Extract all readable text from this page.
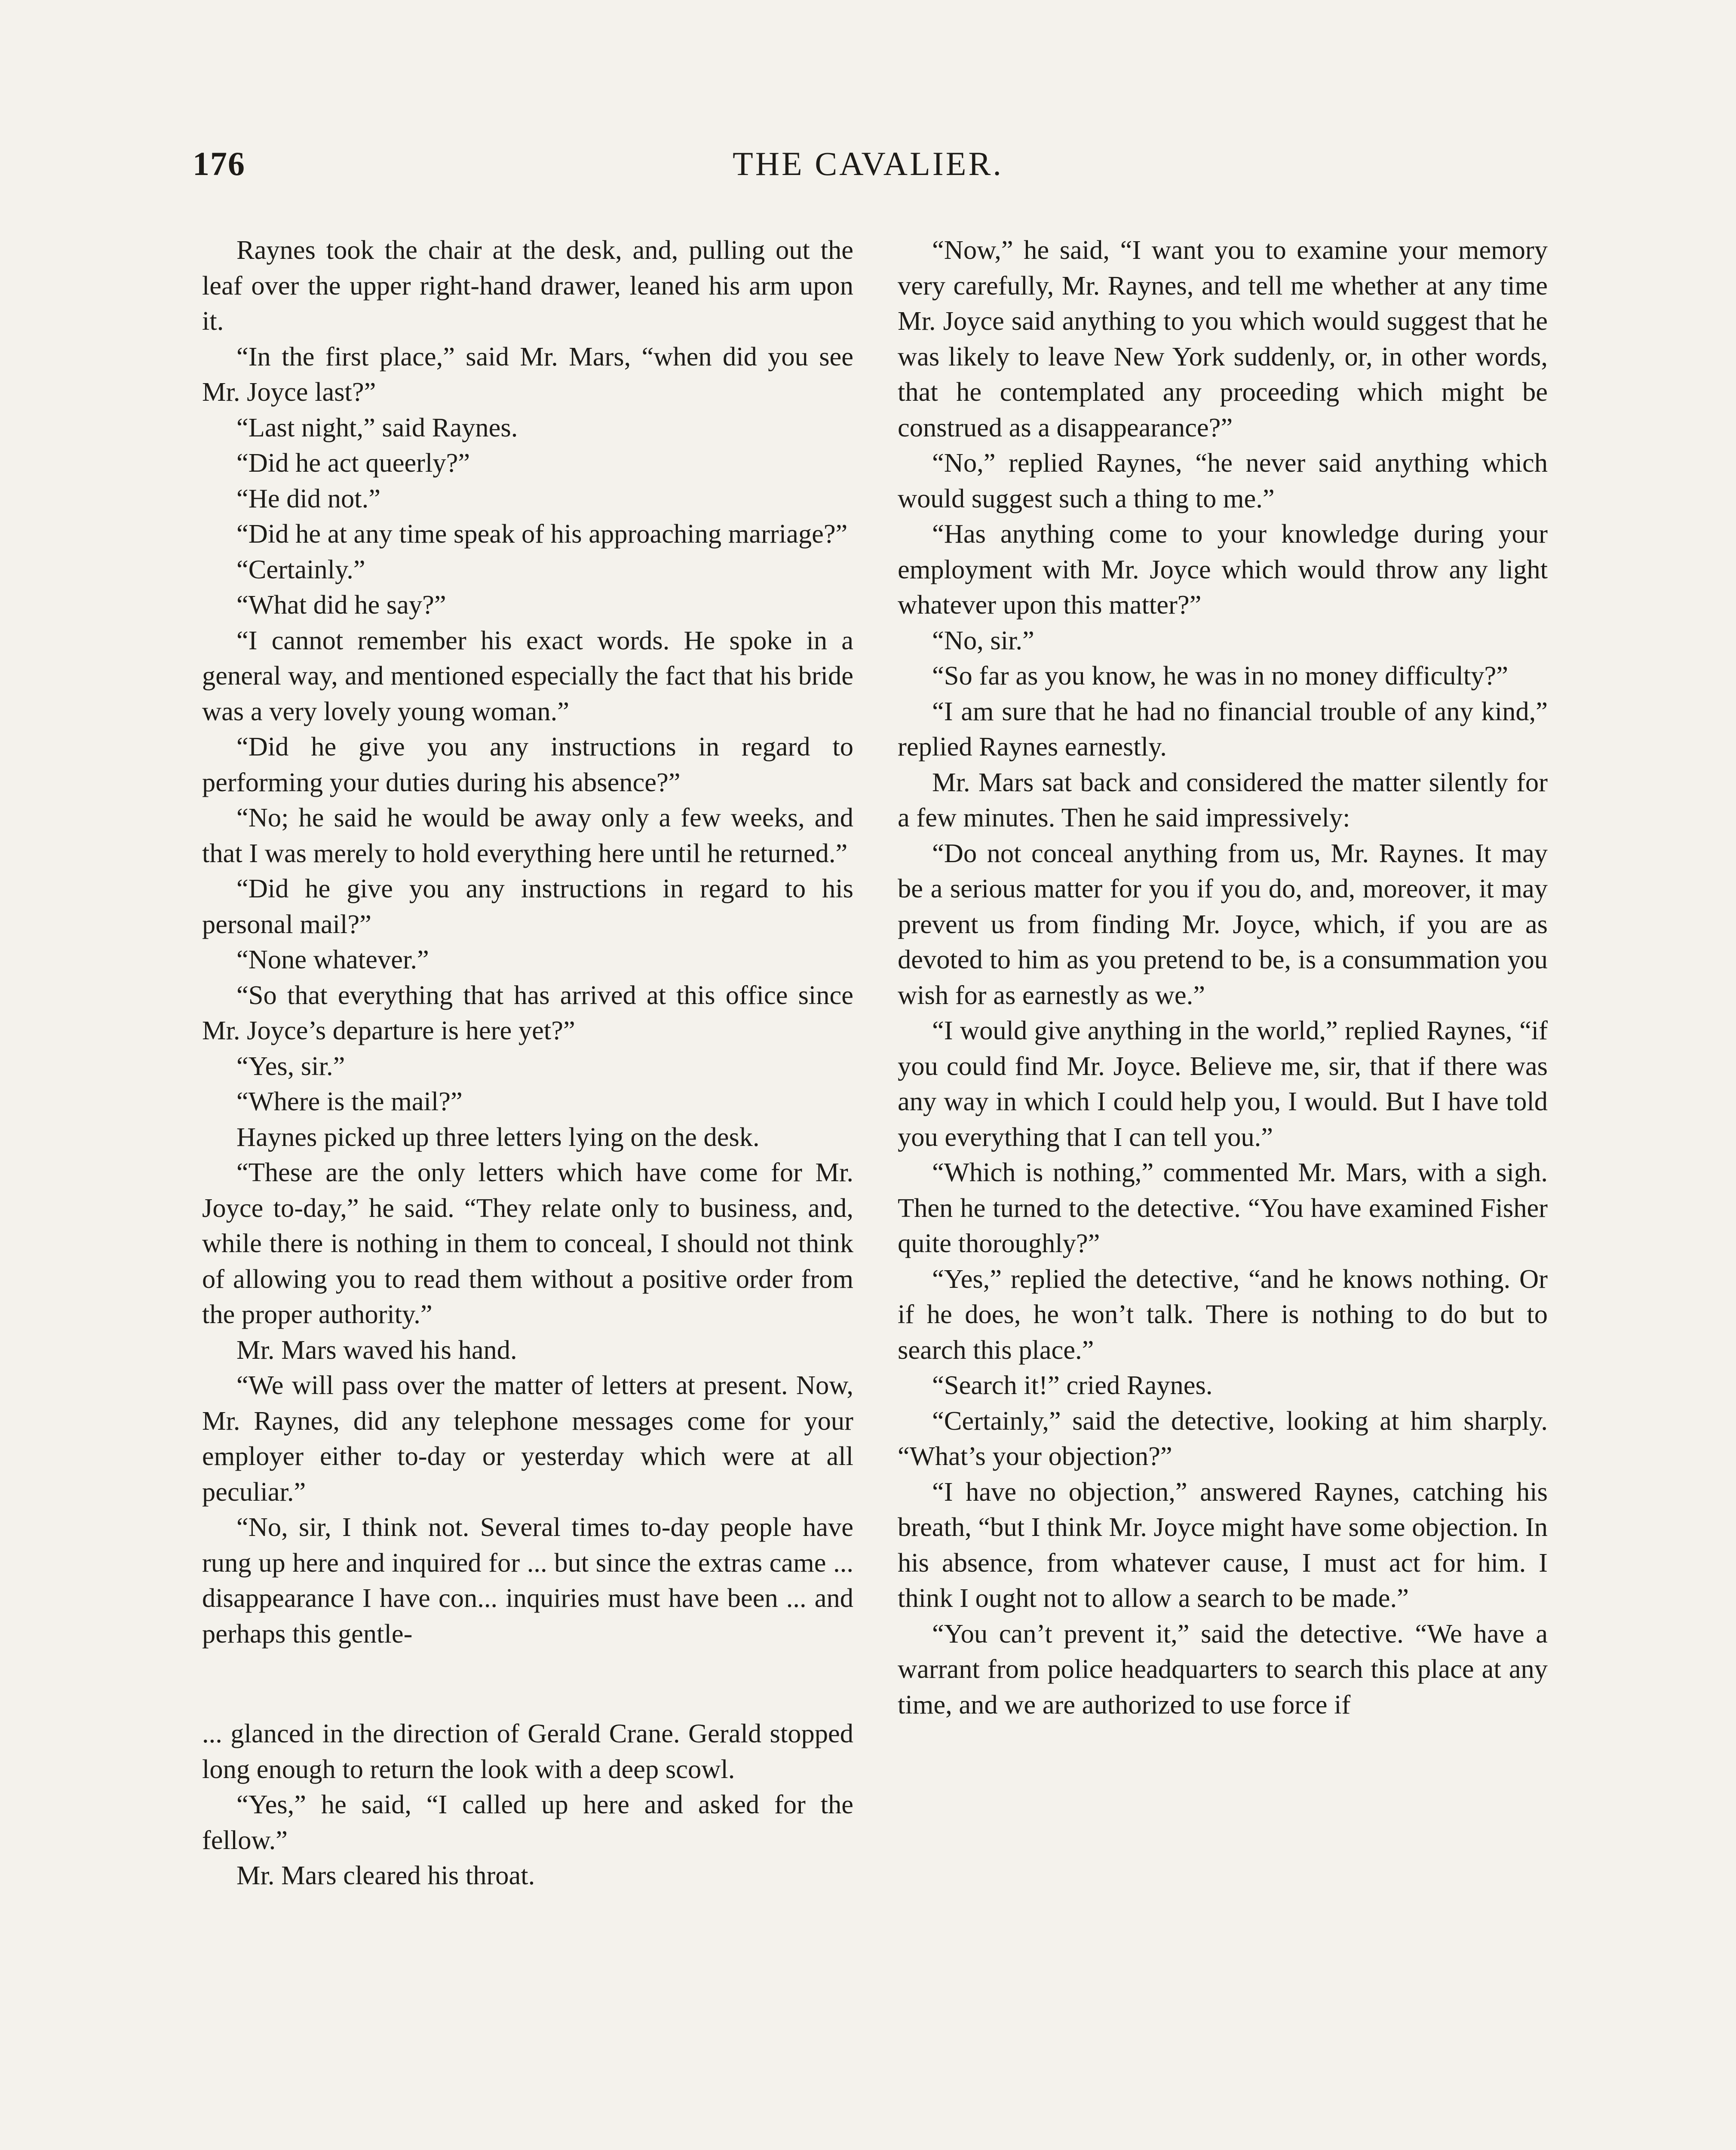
176	THE CAVALIER.

Raynes took the chair at the desk, and, pulling out the leaf over the upper right-hand drawer, leaned his arm upon it.

“In the first place,” said Mr. Mars, “when did you see Mr. Joyce last?”

“Last night,” said Raynes.

“Did he act queerly?”

“He did not.”

“Did he at any time speak of his approaching marriage?”

“Certainly.”

“What did he say?”

“I cannot remember his exact words. He spoke in a general way, and mentioned especially the fact that his bride was a very lovely young woman.”

“Did he give you any instructions in regard to performing your duties during his absence?”

“No; he said he would be away only a few weeks, and that I was merely to hold everything here until he returned.”

“Did he give you any instructions in regard to his personal mail?”

“None whatever.”

“So that everything that has arrived at this office since Mr. Joyce’s departure is here yet?”

“Yes, sir.”

“Where is the mail?”

Haynes picked up three letters lying on the desk.

“These are the only letters which have come for Mr. Joyce to-day,” he said. “They relate only to business, and, while there is nothing in them to conceal, I should not think of allowing you to read them without a positive order from the proper authority.”

Mr. Mars waved his hand.

“We will pass over the matter of letters at present. Now, Mr. Raynes, did any telephone messages come for your employer either to-day or yesterday which were at all peculiar.”

“No, sir, I think not. Several times to-day people have rung up here and inquired for ... but since the extras came ... disappearance I have con... inquiries must have been ... and perhaps this gentle-

... glanced in the direction of Gerald Crane. Gerald stopped long enough to return the look with a deep scowl.

“Yes,” he said, “I called up here and asked for the fellow.”

Mr. Mars cleared his throat.

“Now,” he said, “I want you to examine your memory very carefully, Mr. Raynes, and tell me whether at any time Mr. Joyce said anything to you which would suggest that he was likely to leave New York suddenly, or, in other words, that he contemplated any proceeding which might be construed as a disappearance?”

“No,” replied Raynes, “he never said anything which would suggest such a thing to me.”

“Has anything come to your knowledge during your employment with Mr. Joyce which would throw any light whatever upon this matter?”

“No, sir.”

“So far as you know, he was in no money difficulty?”

“I am sure that he had no financial trouble of any kind,” replied Raynes earnestly.

Mr. Mars sat back and considered the matter silently for a few minutes. Then he said impressively:

“Do not conceal anything from us, Mr. Raynes. It may be a serious matter for you if you do, and, moreover, it may prevent us from finding Mr. Joyce, which, if you are as devoted to him as you pretend to be, is a consummation you wish for as earnestly as we.”

“I would give anything in the world,” replied Raynes, “if you could find Mr. Joyce. Believe me, sir, that if there was any way in which I could help you, I would. But I have told you everything that I can tell you.”

“Which is nothing,” commented Mr. Mars, with a sigh. Then he turned to the detective. “You have examined Fisher quite thoroughly?”

“Yes,” replied the detective, “and he knows nothing. Or if he does, he won’t talk. There is nothing to do but to search this place.”

“Search it!” cried Raynes.

“Certainly,” said the detective, looking at him sharply. “What’s your objection?”

“I have no objection,” answered Raynes, catching his breath, “but I think Mr. Joyce might have some objection. In his absence, from whatever cause, I must act for him. I think I ought not to allow a search to be made.”

“You can’t prevent it,” said the detective. “We have a warrant from police headquarters to search this place at any time, and we are authorized to use force if
